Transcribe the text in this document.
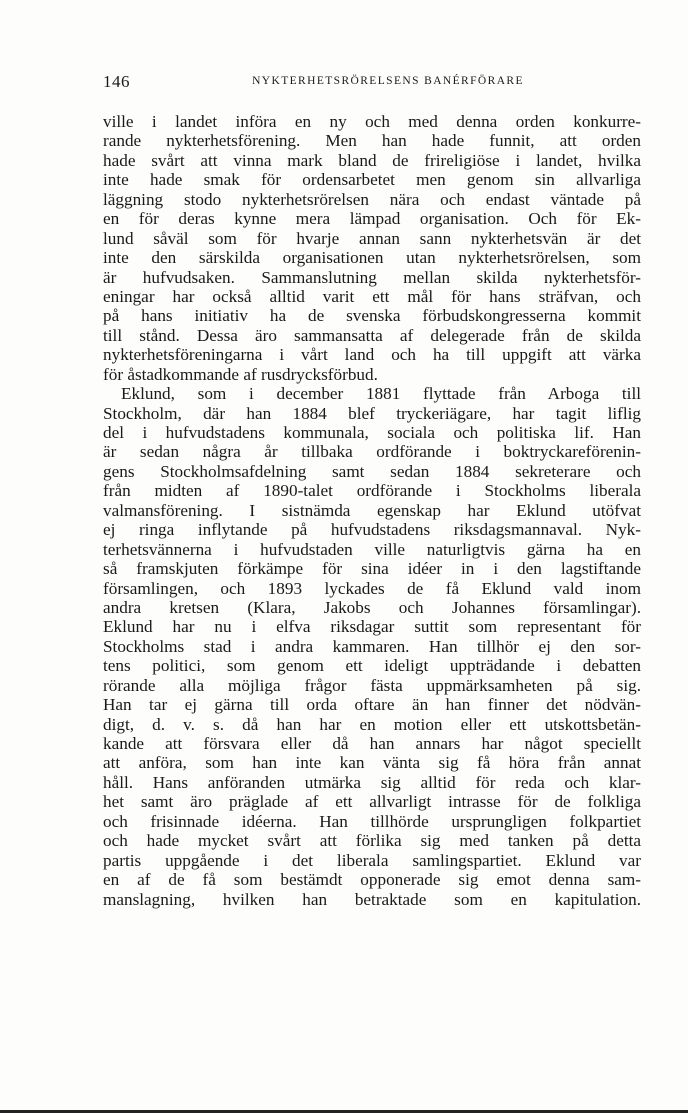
146	NYKTERHETSRÖRELSENS BANÉRFÖRARE
ville i landet införa en ny och med denna orden konkurre-
rande nykterhetsförening. Men han hade funnit, att orden
hade svårt att vinna mark bland de frireligiöse i landet, hvilka
inte hade smak för ordensarbetet men genom sin allvarliga
läggning stodo nykterhetsrörelsen nära och endast väntade på
en för deras kynne mera lämpad organisation. Och för Ek-
lund såväl som för hvarje annan sann nykterhetsvän är det
inte den särskilda organisationen utan nykterhetsrörelsen, som
är hufvudsaken. Sammanslutning mellan skilda nykterhetsför-
eningar har också alltid varit ett mål för hans sträfvan, och
på hans initiativ ha de svenska förbudskongresserna kommit
till stånd. Dessa äro sammansatta af delegerade från de skilda
nykterhetsföreningarna i vårt land och ha till uppgift att värka
för åstadkommande af rusdrycksförbud.
Eklund, som i december 1881 flyttade från Arboga till
Stockholm, där han 1884 blef tryckeriägare, har tagit liflig
del i hufvudstadens kommunala, sociala och politiska lif. Han
är sedan några år tillbaka ordförande i boktryckareförenin-
gens Stockholmsafdelning samt sedan 1884 sekreterare och
från midten af 1890-talet ordförande i Stockholms liberala
valmansförening. I sistnämda egenskap har Eklund utöfvat
ej ringa inflytande på hufvudstadens riksdagsmannaval. Nyk-
terhetsvännerna i hufvudstaden ville naturligtvis gärna ha en
så framskjuten förkämpe för sina idéer in i den lagstiftande
församlingen, och 1893 lyckades de få Eklund vald inom
andra kretsen (Klara, Jakobs och Johannes församlingar).
Eklund har nu i elfva riksdagar suttit som representant för
Stockholms stad i andra kammaren. Han tillhör ej den sor-
tens politici, som genom ett ideligt uppträdande i debatten
rörande alla möjliga frågor fästa uppmärksamheten på sig.
Han tar ej gärna till orda oftare än han finner det nödvän-
digt, d. v. s. då han har en motion eller ett utskottsbetän-
kande att försvara eller då han annars har något speciellt
att anföra, som han inte kan vänta sig få höra från annat
håll. Hans anföranden utmärka sig alltid för reda och klar-
het samt äro präglade af ett allvarligt intrasse för de folkliga
och frisinnade idéerna. Han tillhörde ursprungligen folkpartiet
och hade mycket svårt att förlika sig med tanken på detta
partis uppgående i det liberala samlingspartiet. Eklund var
en af de få som bestämdt opponerade sig emot denna sam-
manslagning, hvilken han betraktade som en kapitulation.
